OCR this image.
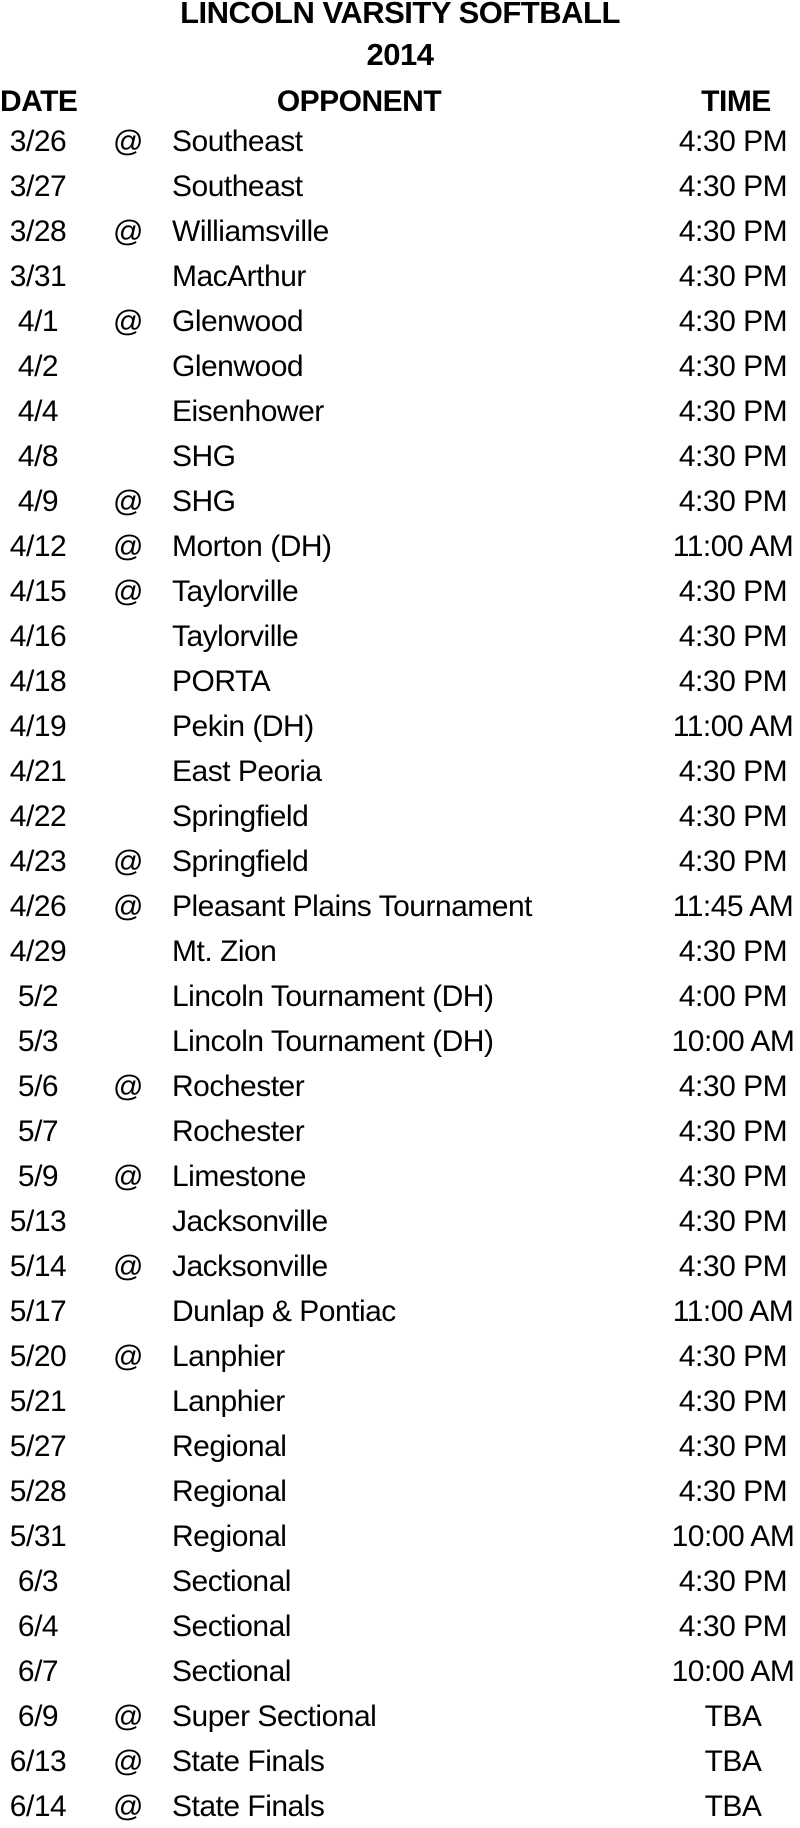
LINCOLN VARSITY SOFTBALL
2014
DATE	OPPONENT	TIME
3/26	@ Southeast	4:30 PM
3/27	Southeast	4:30 PM
3/28	@ Williamsville	4:30 PM
3/31	MacArthur	4:30 PM
4/1	@ Glenwood	4:30 PM
4/2	Glenwood	4:30 PM
4/4	Eisenhower	4:30 PM
4/8	SHG	4:30 PM
4/9	@ SHG	4:30 PM
4/12	@ Morton (DH)	11:00 AM
4/15	@ Taylorville	4:30 PM
4/16	Taylorville	4:30 PM
4/18	PORTA	4:30 PM
4/19	Pekin (DH)	11:00 AM
4/21	East Peoria	4:30 PM
4/22	Springfield	4:30 PM
4/23	@ Springfield	4:30 PM
4/26	@ Pleasant Plains Tournament	11:45 AM
4/29	Mt. Zion	4:30 PM
5/2	Lincoln Tournament (DH)	4:00 PM
5/3	Lincoln Tournament (DH)	10:00 AM
5/6	@ Rochester	4:30 PM
5/7	Rochester	4:30 PM
5/9	@ Limestone	4:30 PM
5/13	Jacksonville	4:30 PM
5/14	@ Jacksonville	4:30 PM
5/17	Dunlap & Pontiac	11:00 AM
5/20	@ Lanphier	4:30 PM
5/21	Lanphier	4:30 PM
5/27	Regional	4:30 PM
5/28	Regional	4:30 PM
5/31	Regional	10:00 AM
6/3	Sectional	4:30 PM
6/4	Sectional	4:30 PM
6/7	Sectional	10:00 AM
6/9	@ Super Sectional	TBA
6/13	@ State Finals	TBA
6/14	@ State Finals	TBA
